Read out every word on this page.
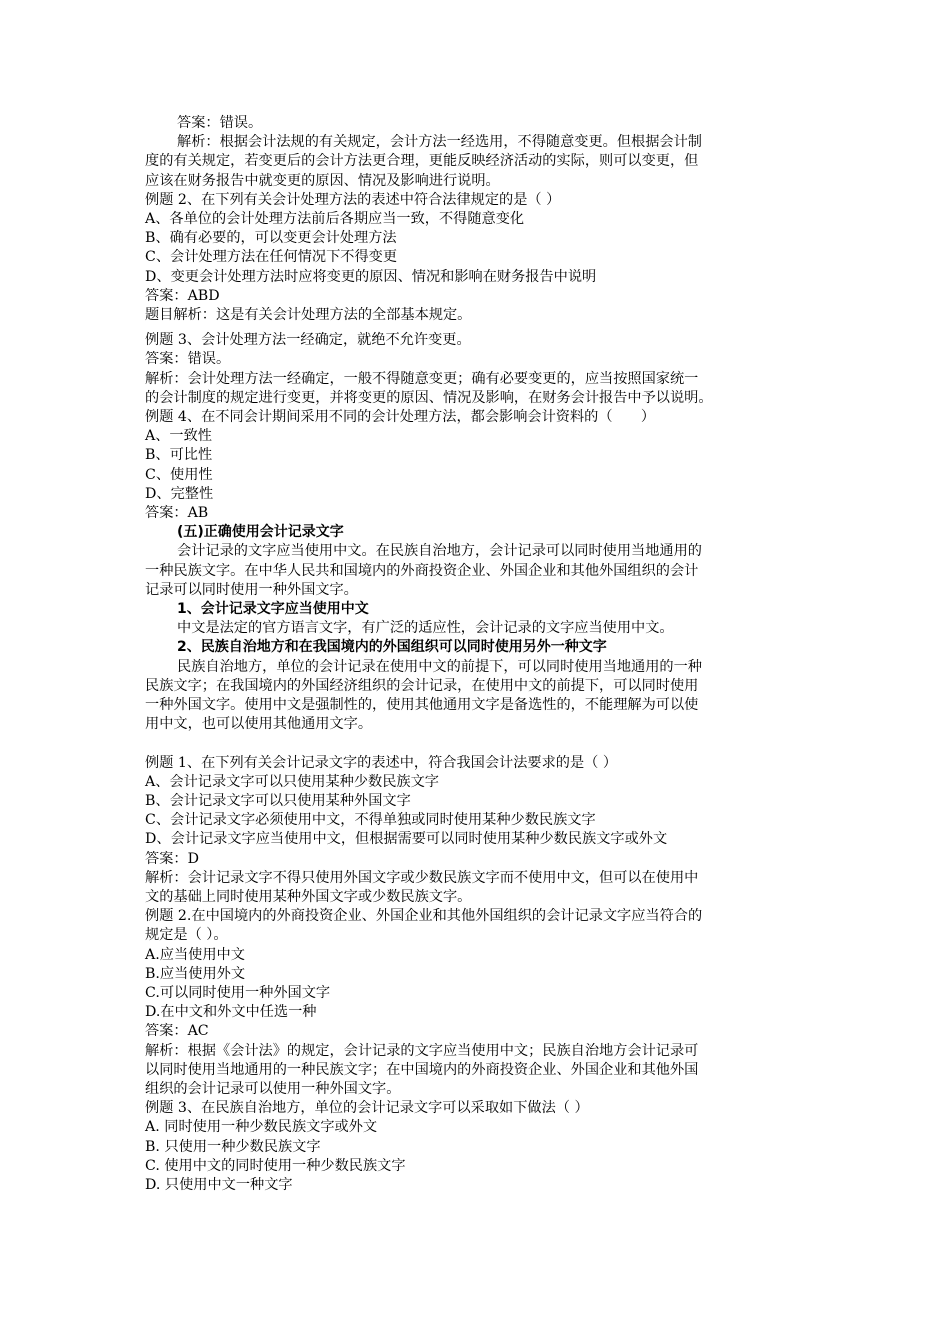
答案：错误。
解析：根据会计法规的有关规定，会计方法一经选用，不得随意变更。但根据会计制
度的有关规定，若变更后的会计方法更合理，更能反映经济活动的实际，则可以变更，但
应该在财务报告中就变更的原因、情况及影响进行说明。
例题 2、在下列有关会计处理方法的表述中符合法律规定的是（ ）
A、各单位的会计处理方法前后各期应当一致，不得随意变化
B、确有必要的，可以变更会计处理方法
C、会计处理方法在任何情况下不得变更
D、变更会计处理方法时应将变更的原因、情况和影响在财务报告中说明
答案：ABD
题目解析：这是有关会计处理方法的全部基本规定。
例题 3、会计处理方法一经确定，就绝不允许变更。
答案：错误。
解析：会计处理方法一经确定，一般不得随意变更；确有必要变更的，应当按照国家统一
的会计制度的规定进行变更，并将变更的原因、情况及影响，在财务会计报告中予以说明。
例题 4、在不同会计期间采用不同的会计处理方法，都会影响会计资料的（　　）
A、一致性
B、可比性
C、使用性
D、完整性
答案：AB
(五)正确使用会计记录文字
会计记录的文字应当使用中文。在民族自治地方，会计记录可以同时使用当地通用的
一种民族文字。在中华人民共和国境内的外商投资企业、外国企业和其他外国组织的会计
记录可以同时使用一种外国文字。
1、会计记录文字应当使用中文
中文是法定的官方语言文字，有广泛的适应性，会计记录的文字应当使用中文。
2、民族自治地方和在我国境内的外国组织可以同时使用另外一种文字
民族自治地方，单位的会计记录在使用中文的前提下，可以同时使用当地通用的一种
民族文字；在我国境内的外国经济组织的会计记录，在使用中文的前提下，可以同时使用
一种外国文字。使用中文是强制性的，使用其他通用文字是备选性的，不能理解为可以使
用中文，也可以使用其他通用文字。
例题 1、在下列有关会计记录文字的表述中，符合我国会计法要求的是（ ）
A、会计记录文字可以只使用某种少数民族文字
B、会计记录文字可以只使用某种外国文字
C、会计记录文字必须使用中文，不得单独或同时使用某种少数民族文字
D、会计记录文字应当使用中文，但根据需要可以同时使用某种少数民族文字或外文
答案：D
解析：会计记录文字不得只使用外国文字或少数民族文字而不使用中文，但可以在使用中
文的基础上同时使用某种外国文字或少数民族文字。
例题 2.在中国境内的外商投资企业、外国企业和其他外国组织的会计记录文字应当符合的
规定是（ ）。
A.应当使用中文
B.应当使用外文
C.可以同时使用一种外国文字
D.在中文和外文中任选一种
答案：AC
解析：根据《会计法》的规定，会计记录的文字应当使用中文；民族自治地方会计记录可
以同时使用当地通用的一种民族文字；在中国境内的外商投资企业、外国企业和其他外国
组织的会计记录可以使用一种外国文字。
例题 3、在民族自治地方，单位的会计记录文字可以采取如下做法（ ）
A. 同时使用一种少数民族文字或外文
B. 只使用一种少数民族文字
C. 使用中文的同时使用一种少数民族文字
D. 只使用中文一种文字
